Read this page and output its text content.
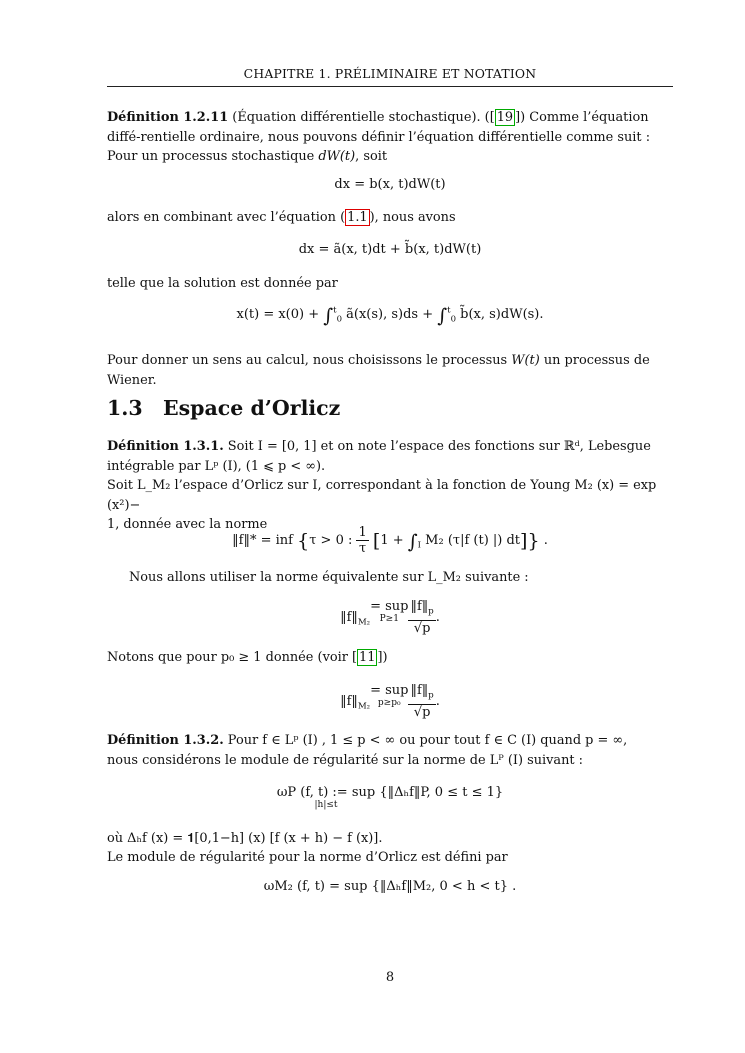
CHAPITRE 1. PRÉLIMINAIRE ET NOTATION

Définition 1.2.11 (Équation différentielle stochastique). ([ 19 ]) Comme l’équation diffé-rentielle ordinaire, nous pouvons définir l’équation différentielle comme suit :
Pour un processus stochastique dW(t), soit

dx = b(x, t)dW(t)

alors en combinant avec l’équation ( 1.1 ), nous avons

dx = ã(x, t)dt + b̃(x, t)dW(t)

telle que la solution est donnée par

x(t) = x(0) + ∫$^t_0$ ã(x(s), s)ds + ∫$^t_0$ b̃(x, s)dW(s).

Pour donner un sens au calcul, nous choisissons le processus W(t) un processus de Wiener.

1.3 Espace d’Orlicz

Définition 1.3.1. Soit I = [0, 1] et on note l’espace des fonctions sur ℝᵈ, Lebesgue intégrable par Lᵖ (I), (1 ⩽ p < ∞).
Soit L_M₂ l’espace d’Orlicz sur I, correspondant à la fonction de Young M₂ (x) = exp (x²)−
1, donnée avec la norme

‖f‖* = inf {τ > 0 : $\frac{1}{\tau} [1 + \int_I$ M₂ (τ|f (t) |) dt]} .

Nous allons utiliser la norme équivalente sur L_M₂ suivante :

$‖f‖_{M_2}$
= sup
$P\ge 1 \frac{‖f‖_p}{√p}$ .

Notons que pour p₀ ≥ 1 donnée (voir [ 11 ])

$‖f‖_{M_2}$
= sup
$p\ge p_0 \frac{‖f‖_p}{√p}$ .

Définition 1.3.2. Pour f ∈ Lᵖ (I) , 1 ≤ p < ∞ ou pour tout f ∈ C (I) quand p = ∞,
nous considérons le module de régularité sur la norme de Lᴾ (I) suivant :

ωP (f, t) := sup
|h|≤t
{‖Δₕf‖P, 0 ≤ t ≤ 1}

où Δₕf (x) = 𝟏[0,1−h] (x) [f (x + h) − f (x)].

Le module de régularité pour la norme d’Orlicz est défini par

ωM₂ (f, t) = sup {‖Δₕf‖M₂, 0 < h < t} .
8
